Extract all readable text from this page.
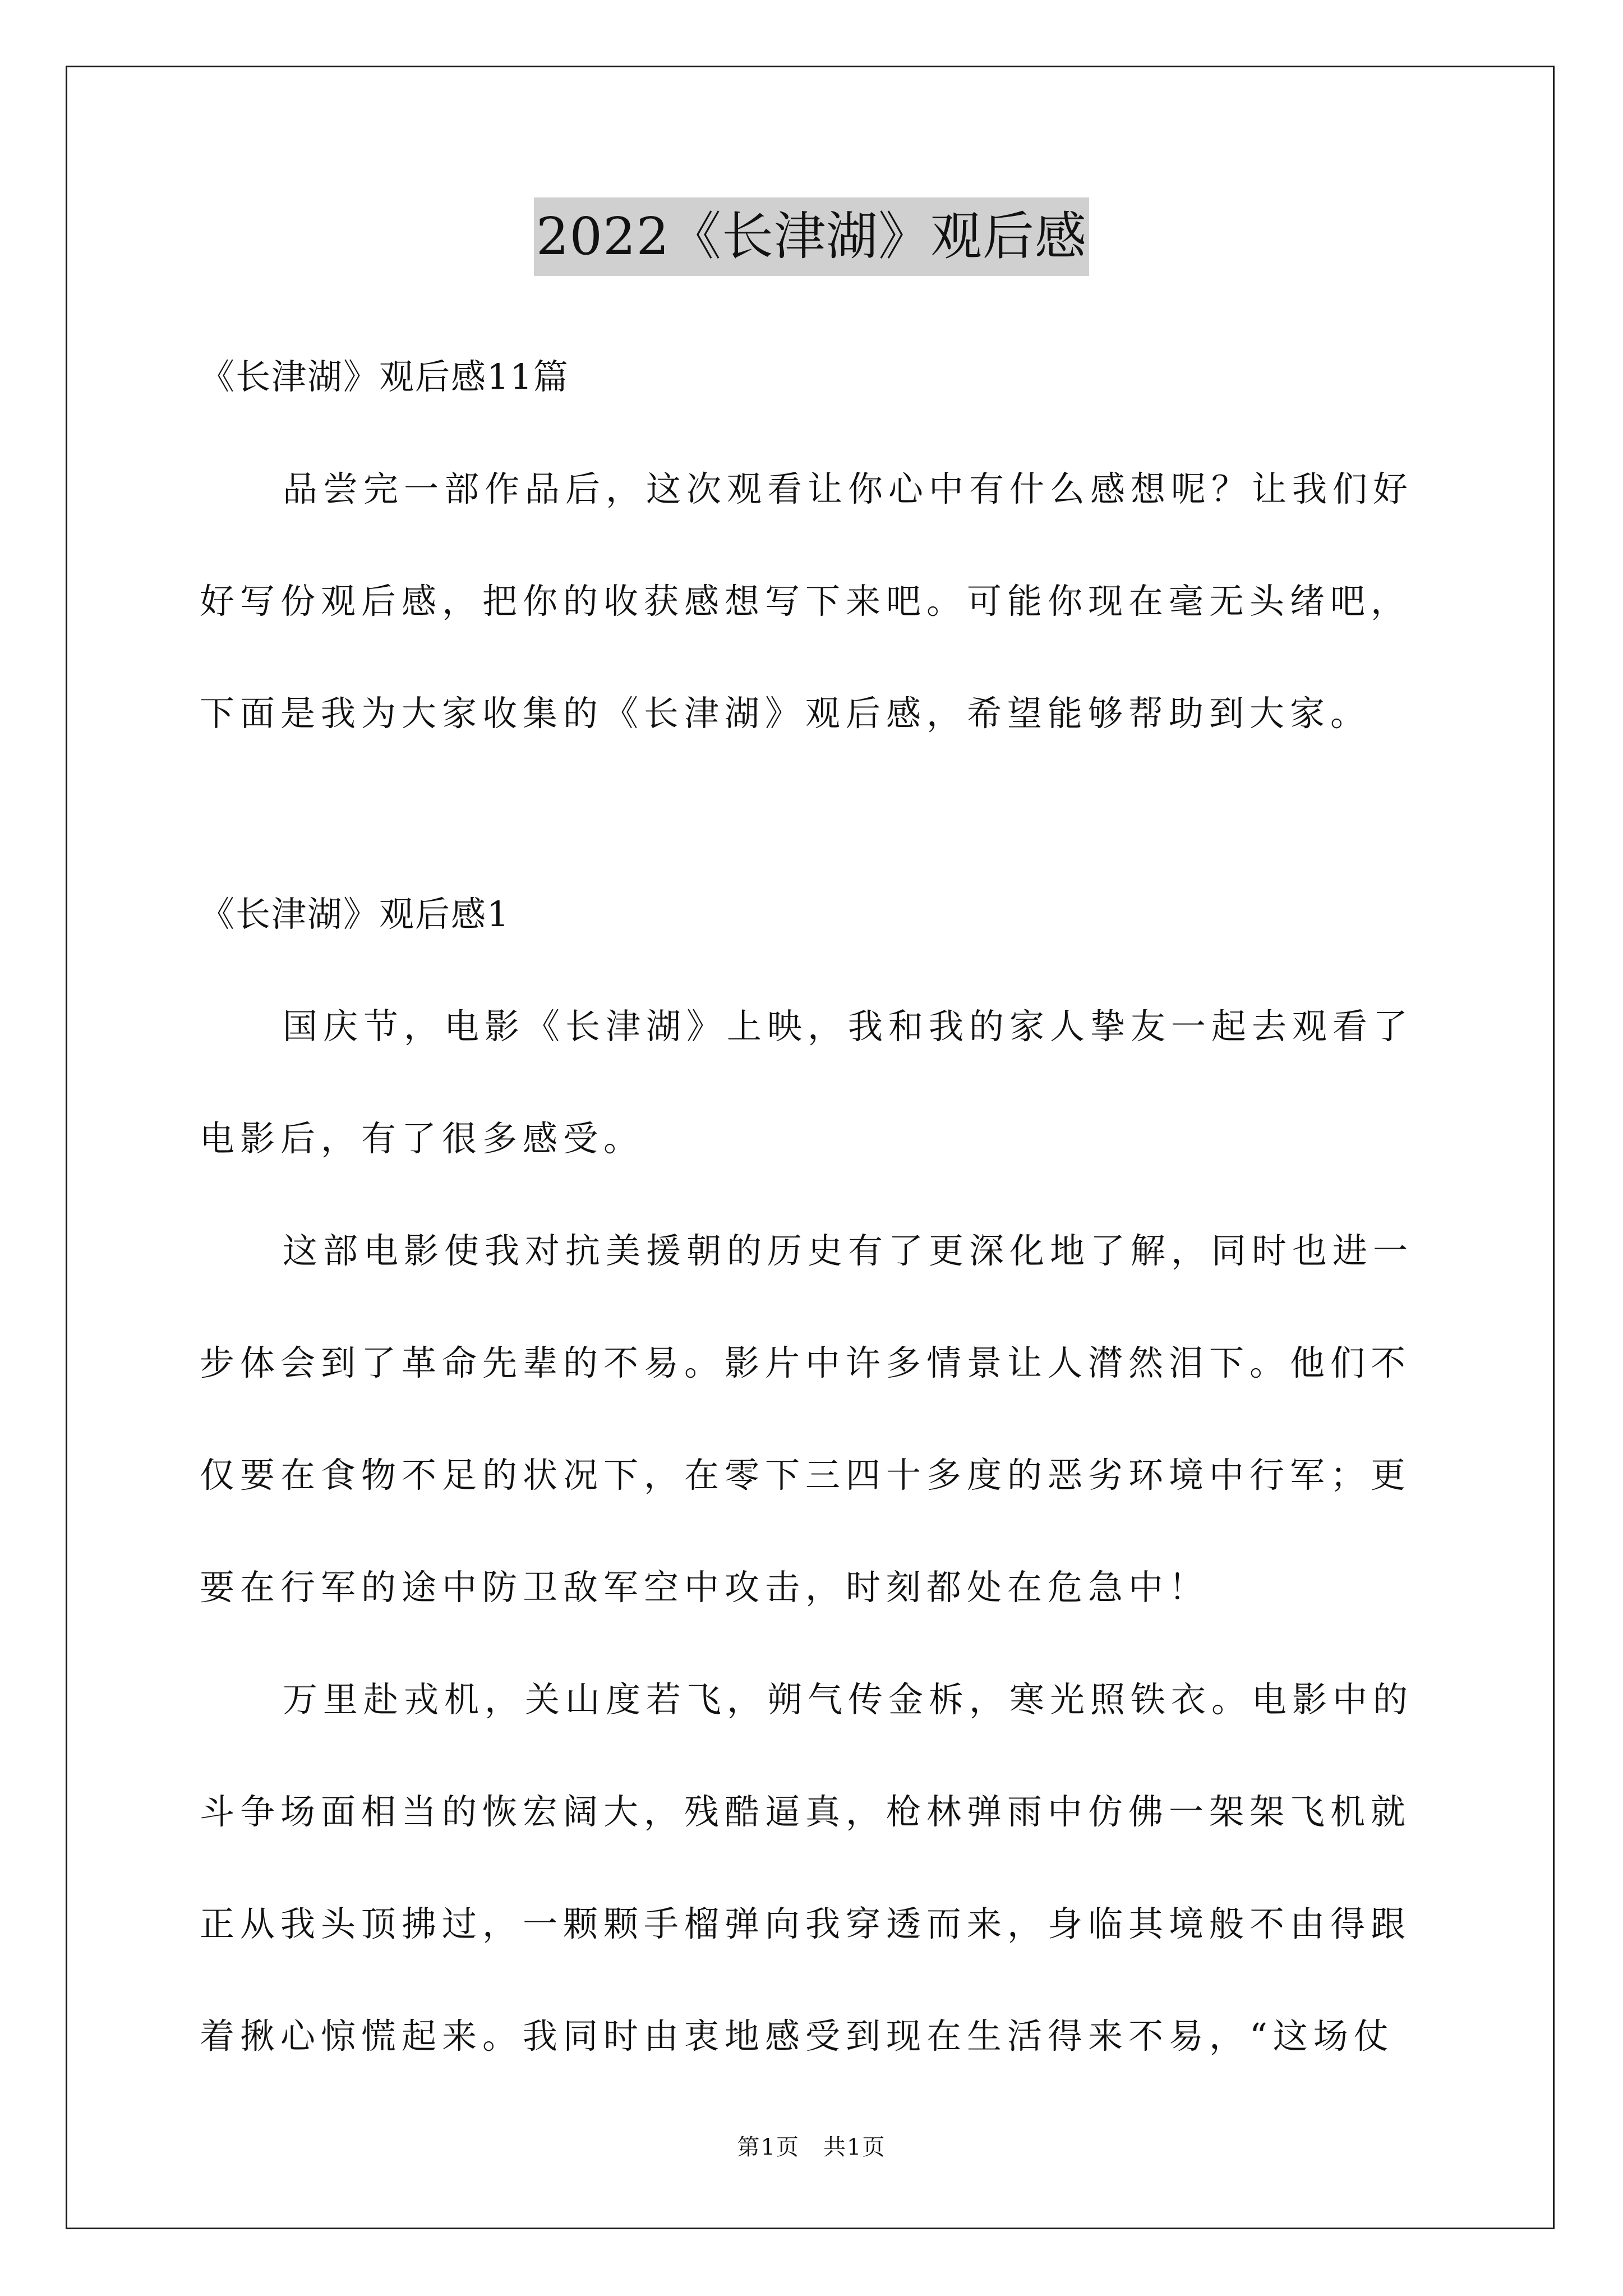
2022《长津湖》观后感
《长津湖》观后感11篇
品尝完一部作品后，这次观看让你心中有什么感想呢？让我们好
好写份观后感，把你的收获感想写下来吧。可能你现在毫无头绪吧，
下面是我为大家收集的《长津湖》观后感，希望能够帮助到大家。
《长津湖》观后感1
国庆节，电影《长津湖》上映，我和我的家人挚友一起去观看了
电影后，有了很多感受。
这部电影使我对抗美援朝的历史有了更深化地了解，同时也进一
步体会到了革命先辈的不易。影片中许多情景让人潸然泪下。他们不
仅要在食物不足的状况下，在零下三四十多度的恶劣环境中行军；更
要在行军的途中防卫敌军空中攻击，时刻都处在危急中！
万里赴戎机，关山度若飞，朔气传金柝，寒光照铁衣。电影中的
斗争场面相当的恢宏阔大，残酷逼真，枪林弹雨中仿佛一架架飞机就
正从我头顶拂过，一颗颗手榴弹向我穿透而来，身临其境般不由得跟
着揪心惊慌起来。我同时由衷地感受到现在生活得来不易，“这场仗
第1页　共1页
